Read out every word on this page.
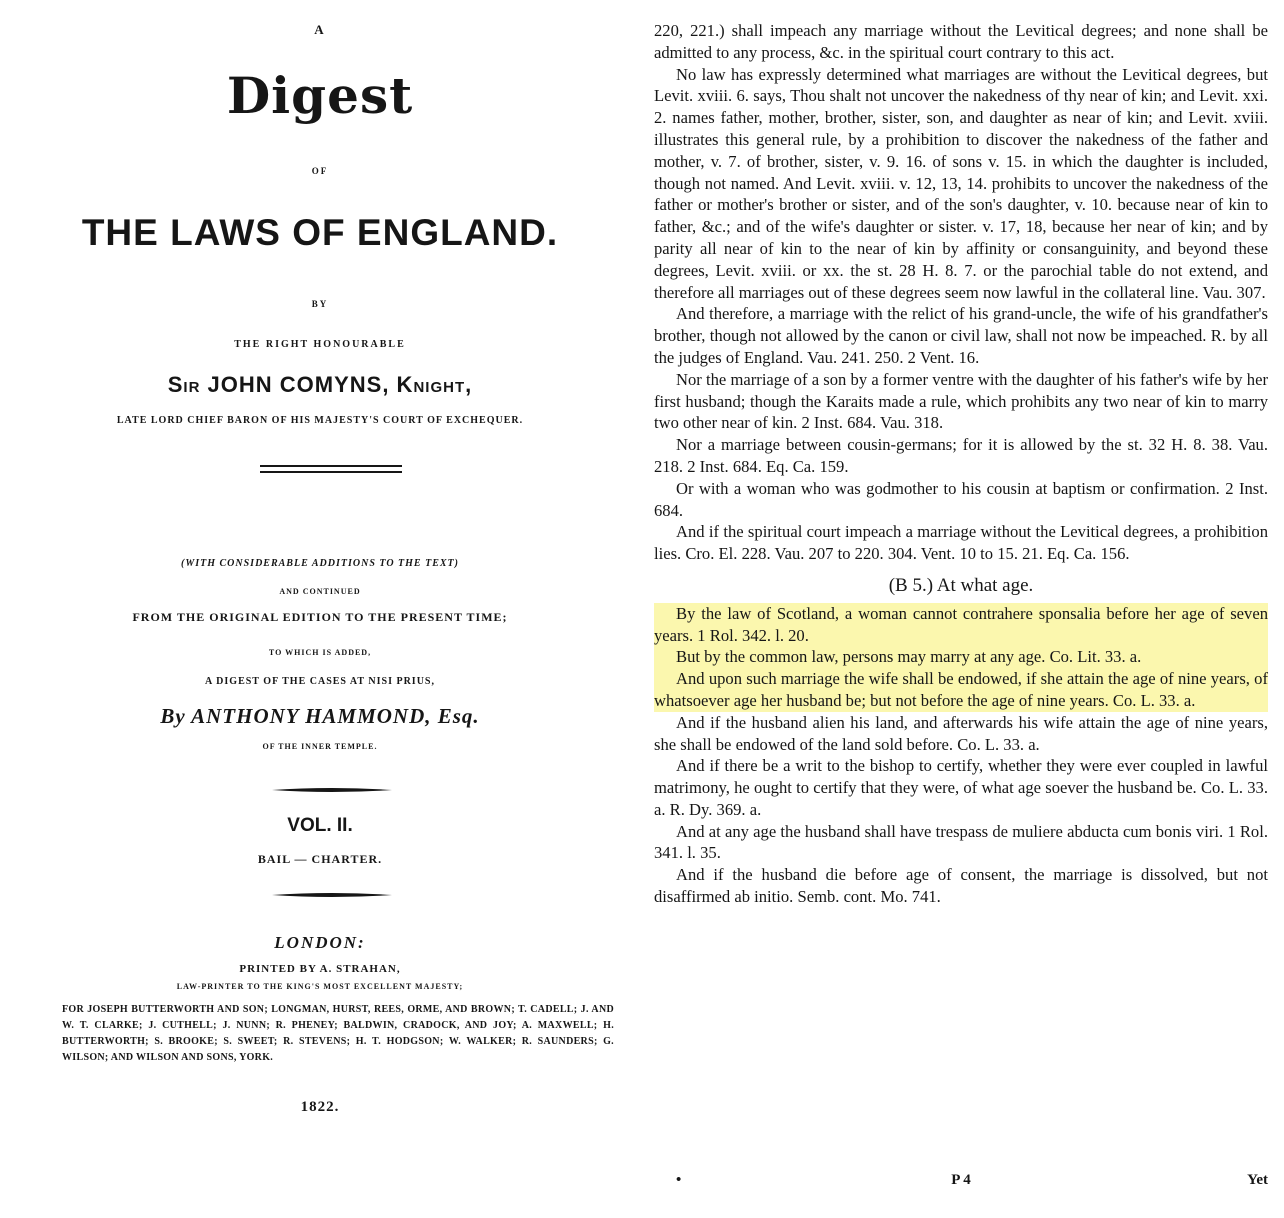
A
Digest
OF
THE LAWS OF ENGLAND.
BY
THE RIGHT HONOURABLE
Sir JOHN COMYNS, Knight,
LATE LORD CHIEF BARON OF HIS MAJESTY'S COURT OF EXCHEQUER.
(WITH CONSIDERABLE ADDITIONS TO THE TEXT)
AND CONTINUED
FROM THE ORIGINAL EDITION TO THE PRESENT TIME;
TO WHICH IS ADDED,
A DIGEST OF THE CASES AT NISI PRIUS,
By ANTHONY HAMMOND, Esq.
OF THE INNER TEMPLE.
VOL. II.
BAIL — CHARTER.
LONDON:
PRINTED BY A. STRAHAN,
LAW-PRINTER TO THE KING'S MOST EXCELLENT MAJESTY;
FOR JOSEPH BUTTERWORTH AND SON; LONGMAN, HURST, REES, ORME, AND BROWN; T. CADELL; J. AND W. T. CLARKE; J. CUTHELL; J. NUNN; R. PHENEY; BALDWIN, CRADOCK, AND JOY; A. MAXWELL; H. BUTTERWORTH; S. BROOKE; S. SWEET; R. STEVENS; H. T. HODGSON; W. WALKER; R. SAUNDERS; G. WILSON; AND WILSON AND SONS, YORK.
1822.

220, 221.) shall impeach any marriage without the Levitical degrees; and none shall be admitted to any process, &c. in the spiritual court contrary to this act.

No law has expressly determined what marriages are without the Levitical degrees, but Levit. xviii. 6. says, Thou shalt not uncover the nakedness of thy near of kin; and Levit. xxi. 2. names father, mother, brother, sister, son, and daughter as near of kin; and Levit. xviii. illustrates this general rule, by a prohibition to discover the nakedness of the father and mother, v. 7. of brother, sister, v. 9. 16. of sons v. 15. in which the daughter is included, though not named. And Levit. xviii. v. 12, 13, 14. prohibits to uncover the nakedness of the father or mother's brother or sister, and of the son's daughter, v. 10. because near of kin to father, &c.; and of the wife's daughter or sister. v. 17, 18, because her near of kin; and by parity all near of kin to the near of kin by affinity or consanguinity, and beyond these degrees, Levit. xviii. or xx. the st. 28 H. 8. 7. or the parochial table do not extend, and therefore all marriages out of these degrees seem now lawful in the collateral line. Vau. 307.

And therefore, a marriage with the relict of his grand-uncle, the wife of his grandfather's brother, though not allowed by the canon or civil law, shall not now be impeached. R. by all the judges of England. Vau. 241. 250. 2 Vent. 16.

Nor the marriage of a son by a former ventre with the daughter of his father's wife by her first husband; though the Karaits made a rule, which prohibits any two near of kin to marry two other near of kin. 2 Inst. 684. Vau. 318.

Nor a marriage between cousin-germans; for it is allowed by the st. 32 H. 8. 38. Vau. 218. 2 Inst. 684. Eq. Ca. 159.

Or with a woman who was godmother to his cousin at baptism or confirmation. 2 Inst. 684.

And if the spiritual court impeach a marriage without the Levitical degrees, a prohibition lies. Cro. El. 228. Vau. 207 to 220. 304. Vent. 10 to 15. 21. Eq. Ca. 156.

(B 5.) At what age.

By the law of Scotland, a woman cannot contrahere sponsalia before her age of seven years. 1 Rol. 342. l. 20.

But by the common law, persons may marry at any age. Co. Lit. 33. a.

And upon such marriage the wife shall be endowed, if she attain the age of nine years, of whatsoever age her husband be; but not before the age of nine years. Co. L. 33. a.

And if the husband alien his land, and afterwards his wife attain the age of nine years, she shall be endowed of the land sold before. Co. L. 33. a.

And if there be a writ to the bishop to certify, whether they were ever coupled in lawful matrimony, he ought to certify that they were, of what age soever the husband be. Co. L. 33. a. R. Dy. 369. a.

And at any age the husband shall have trespass de muliere abducta cum bonis viri. 1 Rol. 341. l. 35.

And if the husband die before age of consent, the marriage is dissolved, but not disaffirmed ab initio. Semb. cont. Mo. 741.

•	P 4	Yet
